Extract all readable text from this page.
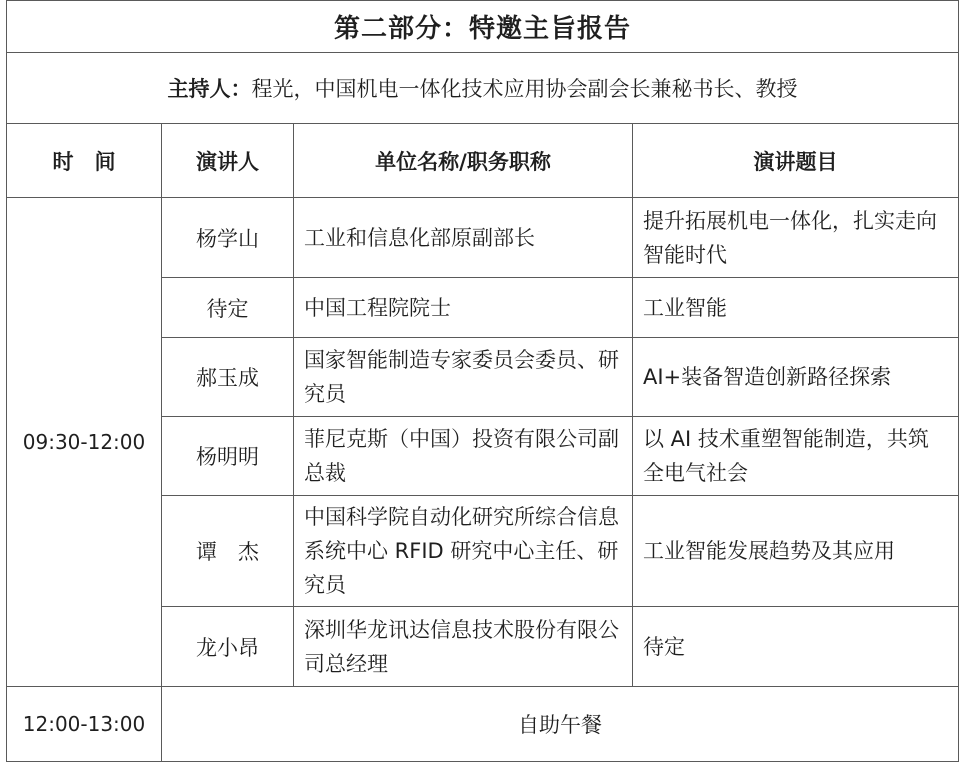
第二部分：特邀主旨报告			
主持人：程光，中国机电一体化技术应用协会副会长兼秘书长、教授			
时　间	演讲人	单位名称/职务职称	演讲题目
09:30-12:00	杨学山	工业和信息化部原副部长	提升拓展机电一体化，扎实走向智能时代
	待定	中国工程院院士	工业智能
	郝玉成	国家智能制造专家委员会委员、研究员	AI+装备智造创新路径探索
	杨明明	菲尼克斯（中国）投资有限公司副总裁	以 AI 技术重塑智能制造，共筑全电气社会
	谭　杰	中国科学院自动化研究所综合信息系统中心 RFID 研究中心主任、研究员	工业智能发展趋势及其应用
	龙小昂	深圳华龙讯达信息技术股份有限公司总经理	待定
12:00-13:00	自助午餐		
